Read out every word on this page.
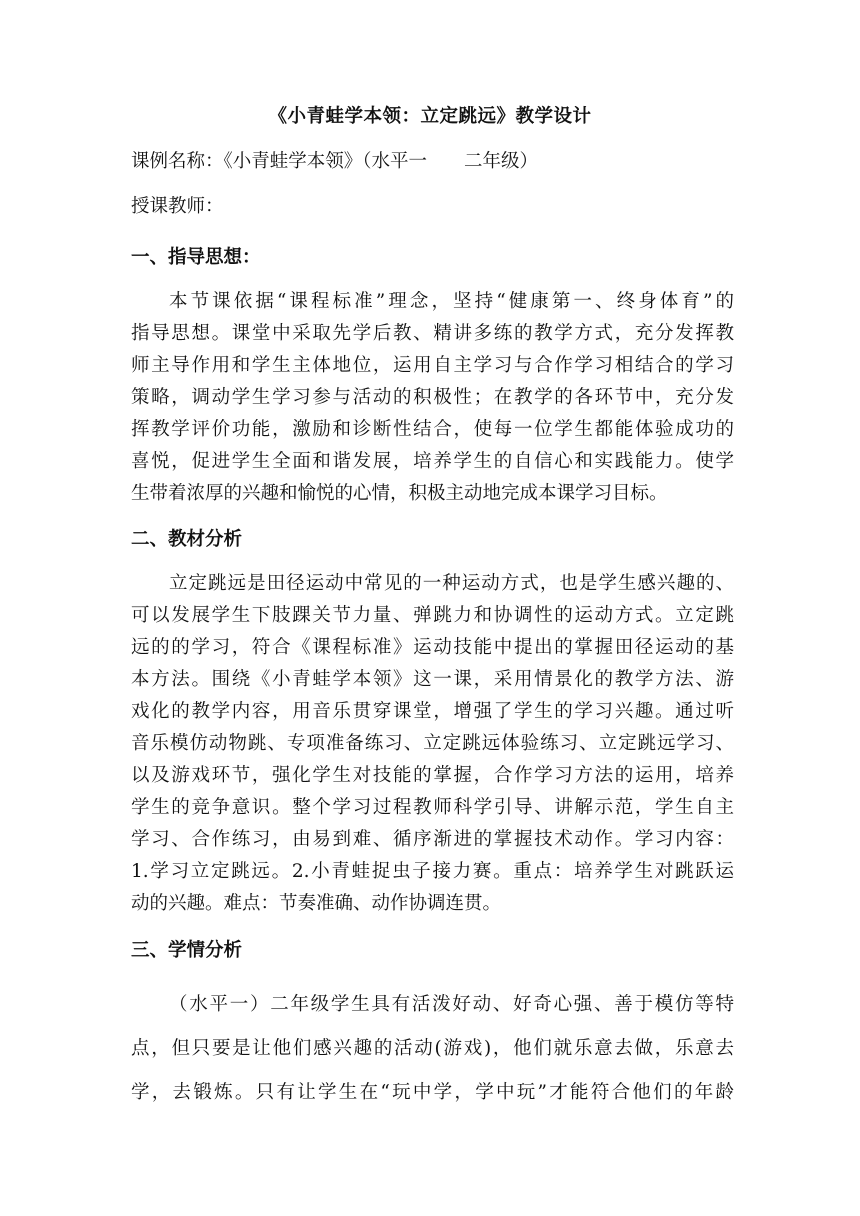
《小青蛙学本领：立定跳远》教学设计
课例名称：《小青蛙学本领》（水平一　　二年级）
授课教师：
一、指导思想：
本节课依据“课程标准”理念，坚持“健康第一、终身体育”的
指导思想。课堂中采取先学后教、精讲多练的教学方式，充分发挥教
师主导作用和学生主体地位，运用自主学习与合作学习相结合的学习
策略，调动学生学习参与活动的积极性；在教学的各环节中，充分发
挥教学评价功能，激励和诊断性结合，使每一位学生都能体验成功的
喜悦，促进学生全面和谐发展，培养学生的自信心和实践能力。使学
生带着浓厚的兴趣和愉悦的心情，积极主动地完成本课学习目标。
二、教材分析
立定跳远是田径运动中常见的一种运动方式，也是学生感兴趣的、
可以发展学生下肢踝关节力量、弹跳力和协调性的运动方式。立定跳
远的的学习，符合《课程标准》运动技能中提出的掌握田径运动的基
本方法。围绕《小青蛙学本领》这一课，采用情景化的教学方法、游
戏化的教学内容，用音乐贯穿课堂，增强了学生的学习兴趣。通过听
音乐模仿动物跳、专项准备练习、立定跳远体验练习、立定跳远学习、
以及游戏环节，强化学生对技能的掌握，合作学习方法的运用，培养
学生的竞争意识。整个学习过程教师科学引导、讲解示范，学生自主
学习、合作练习，由易到难、循序渐进的掌握技术动作。学习内容：
1.学习立定跳远。2.小青蛙捉虫子接力赛。重点：培养学生对跳跃运
动的兴趣。难点：节奏准确、动作协调连贯。
三、学情分析
（水平一）二年级学生具有活泼好动、好奇心强、善于模仿等特
点，但只要是让他们感兴趣的活动(游戏)，他们就乐意去做，乐意去
学，去锻炼。只有让学生在“玩中学，学中玩”才能符合他们的年龄
